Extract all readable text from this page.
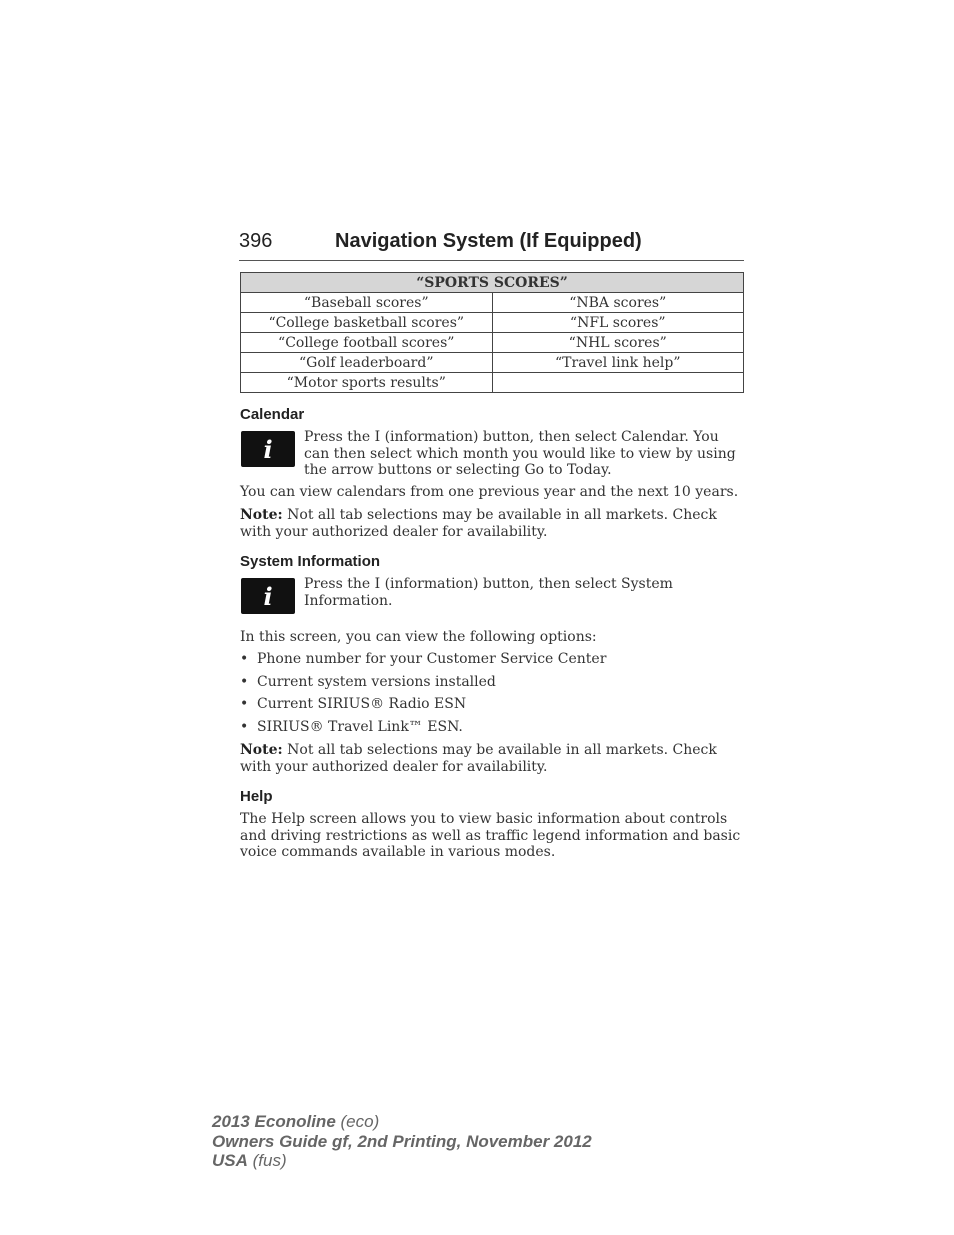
396	Navigation System (If Equipped)
“SPORTS SCORES”	
“Baseball scores”	“NBA scores”
“College basketball scores”	“NFL scores”
“College football scores”	“NHL scores”
“Golf leaderboard”	“Travel link help”
“Motor sports results”	
Calendar
i Press the I (information) button, then select Calendar. You can then select which month you would like to view by using the arrow buttons or selecting Go to Today.

You can view calendars from one previous year and the next 10 years.

Note: Not all tab selections may be available in all markets. Check with your authorized dealer for availability.

System Information
i Press the I (information) button, then select System Information.

In this screen, you can view the following options:

• Phone number for your Customer Service Center
• Current system versions installed
• Current SIRIUS® Radio ESN
• SIRIUS® Travel Link™ ESN.

Note: Not all tab selections may be available in all markets. Check with your authorized dealer for availability.

Help

The Help screen allows you to view basic information about controls and driving restrictions as well as traffic legend information and basic voice commands available in various modes.

2013 Econoline (eco)
Owners Guide gf, 2nd Printing, November 2012
USA (fus)
